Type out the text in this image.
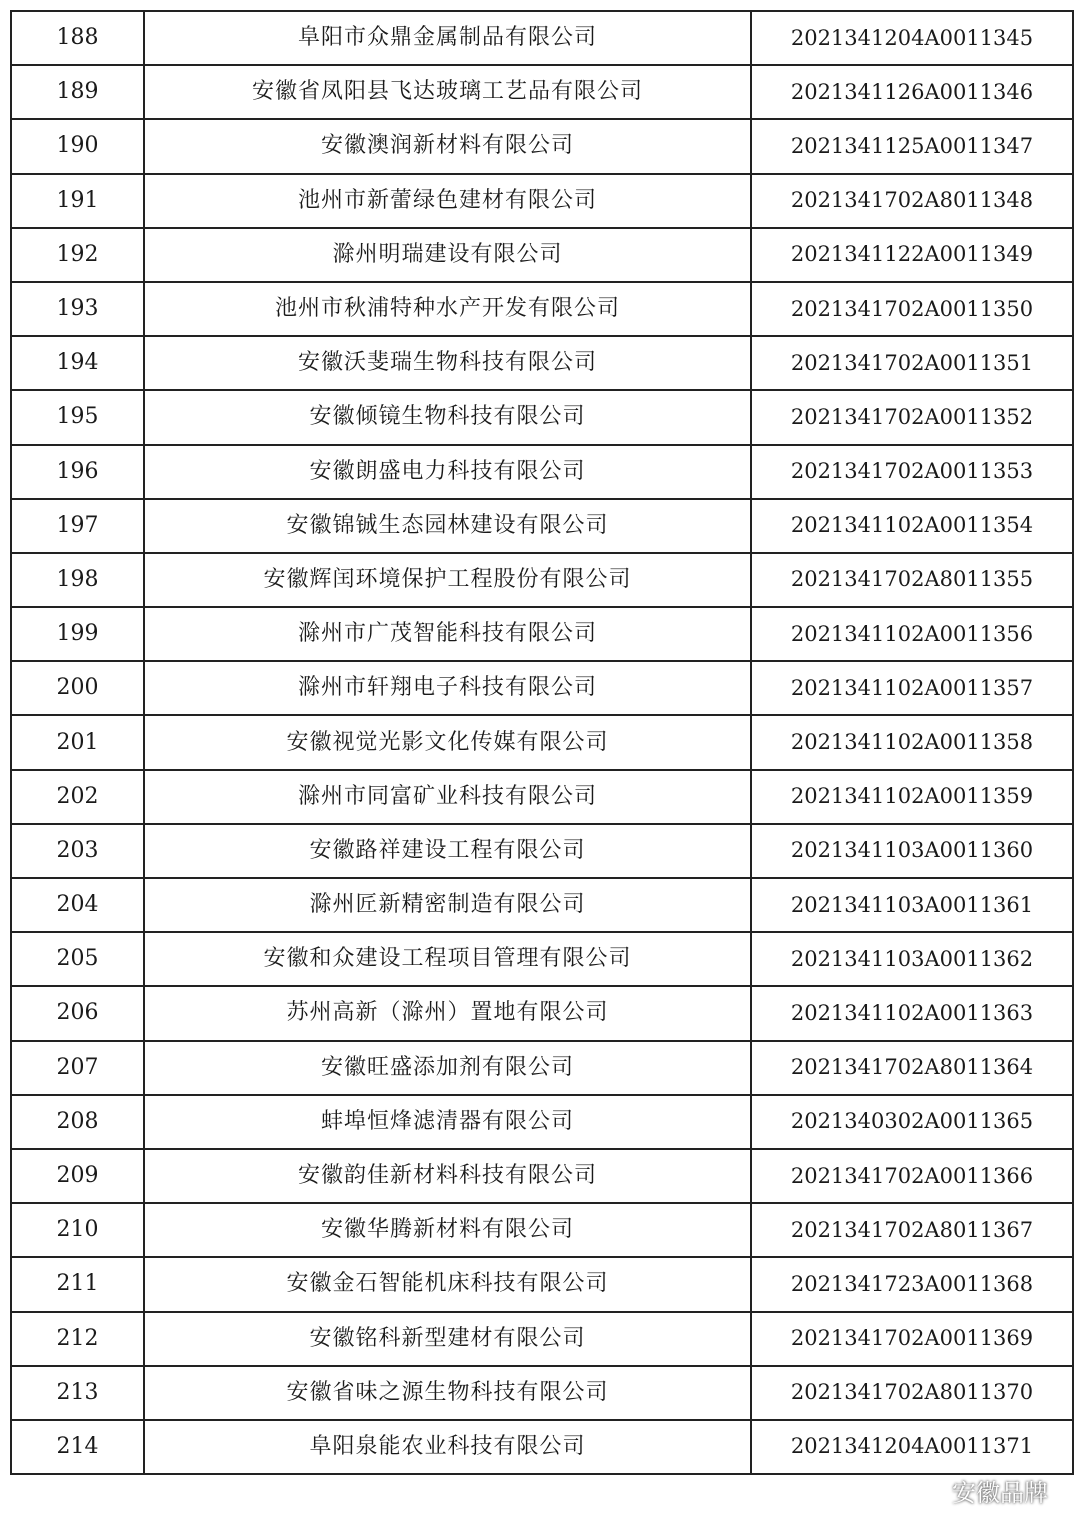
188	阜阳市众鼎金属制品有限公司	2021341204A0011345
189	安徽省凤阳县飞达玻璃工艺品有限公司	2021341126A0011346
190	安徽澳润新材料有限公司	2021341125A0011347
191	池州市新蕾绿色建材有限公司	2021341702A8011348
192	滁州明瑞建设有限公司	2021341122A0011349
193	池州市秋浦特种水产开发有限公司	2021341702A0011350
194	安徽沃斐瑞生物科技有限公司	2021341702A0011351
195	安徽倾镜生物科技有限公司	2021341702A0011352
196	安徽朗盛电力科技有限公司	2021341702A0011353
197	安徽锦铖生态园林建设有限公司	2021341102A0011354
198	安徽辉闰环境保护工程股份有限公司	2021341702A8011355
199	滁州市广茂智能科技有限公司	2021341102A0011356
200	滁州市轩翔电子科技有限公司	2021341102A0011357
201	安徽视觉光影文化传媒有限公司	2021341102A0011358
202	滁州市同富矿业科技有限公司	2021341102A0011359
203	安徽路祥建设工程有限公司	2021341103A0011360
204	滁州匠新精密制造有限公司	2021341103A0011361
205	安徽和众建设工程项目管理有限公司	2021341103A0011362
206	苏州高新（滁州）置地有限公司	2021341102A0011363
207	安徽旺盛添加剂有限公司	2021341702A8011364
208	蚌埠恒烽滤清器有限公司	2021340302A0011365
209	安徽韵佳新材料科技有限公司	2021341702A0011366
210	安徽华腾新材料有限公司	2021341702A8011367
211	安徽金石智能机床科技有限公司	2021341723A0011368
212	安徽铭科新型建材有限公司	2021341702A0011369
213	安徽省味之源生物科技有限公司	2021341702A8011370
214	阜阳泉能农业科技有限公司	2021341204A0011371
安徽品牌
